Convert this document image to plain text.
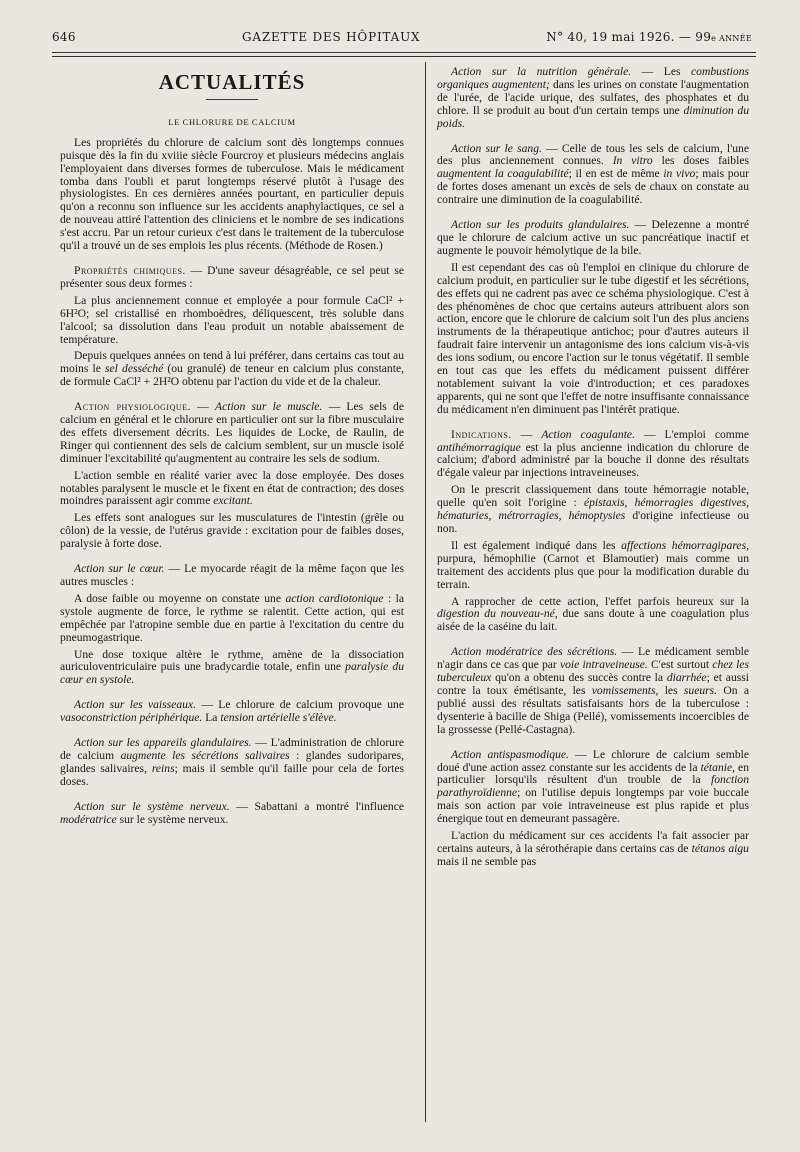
646	GAZETTE DES HÔPITAUX	N° 40, 19 mai 1926. — 99e ANNÉE
ACTUALITÉS
LE CHLORURE DE CALCIUM

Les propriétés du chlorure de calcium sont dès longtemps connues puisque dès la fin du xviiie siècle Fourcroy et plusieurs médecins anglais l'employaient dans diverses formes de tuberculose. Mais le médicament tomba dans l'oubli et parut longtemps réservé plutôt à l'usage des physiologistes. En ces dernières années pourtant, en particulier depuis qu'on a reconnu son influence sur les accidents anaphylactiques, ce sel a de nouveau attiré l'attention des cliniciens et le nombre de ses indications s'est accru. Par un retour curieux c'est dans le traitement de la tuberculose qu'il a trouvé un de ses emplois les plus récents. (Méthode de Rosen.)

Propriétés chimiques. — D'une saveur désagréable, ce sel peut se présenter sous deux formes :

La plus anciennement connue et employée a pour formule CaCl² + 6H²O; sel cristallisé en rhomboèdres, déliquescent, très soluble dans l'alcool; sa dissolution dans l'eau produit un notable abaissement de température.

Depuis quelques années on tend à lui préférer, dans certains cas tout au moins le sel desséché (ou granulé) de teneur en calcium plus constante, de formule CaCl² + 2H²O obtenu par l'action du vide et de la chaleur.

Action physiologique. — Action sur le muscle. — Les sels de calcium en général et le chlorure en particulier ont sur la fibre musculaire des effets diversement décrits. Les liquides de Locke, de Raulin, de Ringer qui contiennent des sels de calcium semblent, sur un muscle isolé diminuer l'excitabilité qu'augmentent au contraire les sels de sodium.

L'action semble en réalité varier avec la dose employée. Des doses notables paralysent le muscle et le fixent en état de contraction; des doses moindres paraissent agir comme excitant.

Les effets sont analogues sur les musculatures de l'intestin (grêle ou côlon) de la vessie, de l'utérus gravide : excitation pour de faibles doses, paralysie à forte dose.

Action sur le cœur. — Le myocarde réagit de la même façon que les autres muscles :

A dose faible ou moyenne on constate une action cardiotonique : la systole augmente de force, le rythme se ralentit. Cette action, qui est empêchée par l'atropine semble due en partie à l'excitation du centre du pneumogastrique.

Une dose toxique altère le rythme, amène de la dissociation auriculoventriculaire puis une bradycardie totale, enfin une paralysie du cœur en systole.

Action sur les vaisseaux. — Le chlorure de calcium provoque une vasoconstriction périphérique. La tension artérielle s'élève.

Action sur les appareils glandulaires. — L'administration de chlorure de calcium augmente les sécrétions salivaires : glandes sudoripares, glandes salivaires, reins; mais il semble qu'il faille pour cela de fortes doses.

Action sur le système nerveux. — Sabattani a montré l'influence modératrice sur le système nerveux.

Action sur la nutrition générale. — Les combustions organiques augmentent; dans les urines on constate l'augmentation de l'urée, de l'acide urique, des sulfates, des phosphates et du chlore. Il se produit au bout d'un certain temps une diminution du poids.

Action sur le sang. — Celle de tous les sels de calcium, l'une des plus anciennement connues. In vitro les doses faibles augmentent la coagulabilité; il en est de même in vivo; mais pour de fortes doses amenant un excès de sels de chaux on constate au contraire une diminution de la coagulabilité.

Action sur les produits glandulaires. — Delezenne a montré que le chlorure de calcium active un suc pancréatique inactif et augmente le pouvoir hémolytique de la bile.

Il est cependant des cas où l'emploi en clinique du chlorure de calcium produit, en particulier sur le tube digestif et les sécrétions, des effets qui ne cadrent pas avec ce schéma physiologique. C'est à des phénomènes de choc que certains auteurs attribuent alors son action, encore que le chlorure de calcium soit l'un des plus anciens instruments de la thérapeutique antichoc; pour d'autres auteurs il faudrait faire intervenir un antagonisme des ions calcium vis-à-vis des ions sodium, ou encore l'action sur le tonus végétatif. Il semble en tout cas que les effets du médicament puissent différer notablement suivant la voie d'introduction; et ces paradoxes apparents, qui ne sont que l'effet de notre insuffisante connaissance du médicament n'en diminuent pas l'intérêt pratique.

Indications. — Action coagulante. — L'emploi comme antihémorragique est la plus ancienne indication du chlorure de calcium; d'abord administré par la bouche il donne des résultats d'égale valeur par injections intraveineuses.

On le prescrit classiquement dans toute hémorragie notable, quelle qu'en soit l'origine : épistaxis, hémorragies digestives, hématuries, métrorragies, hémoptysies d'origine infectieuse ou non.

Il est également indiqué dans les affections hémorragipares, purpura, hémophilie (Carnot et Blamoutier) mais comme un traitement des accidents plus que pour la modification durable du terrain.

A rapprocher de cette action, l'effet parfois heureux sur la digestion du nouveau-né, due sans doute à une coagulation plus aisée de la caséine du lait.

Action modératrice des sécrétions. — Le médicament semble n'agir dans ce cas que par voie intraveineuse. C'est surtout chez les tuberculeux qu'on a obtenu des succès contre la diarrhée; et aussi contre la toux émétisante, les vomissements, les sueurs. On a publié aussi des résultats satisfaisants hors de la tuberculose : dysenterie à bacille de Shiga (Pellé), vomissements incoercibles de la grossesse (Pellé-Castagna).

Action antispasmodique. — Le chlorure de calcium semble doué d'une action assez constante sur les accidents de la tétanie, en particulier lorsqu'ils résultent d'un trouble de la fonction parathyroïdienne; on l'utilise depuis longtemps par voie buccale mais son action par voie intraveineuse est plus rapide et plus énergique tout en demeurant passagère.

L'action du médicament sur ces accidents l'a fait associer par certains auteurs, à la sérothérapie dans certains cas de tétanos aigu mais il ne semble pas
